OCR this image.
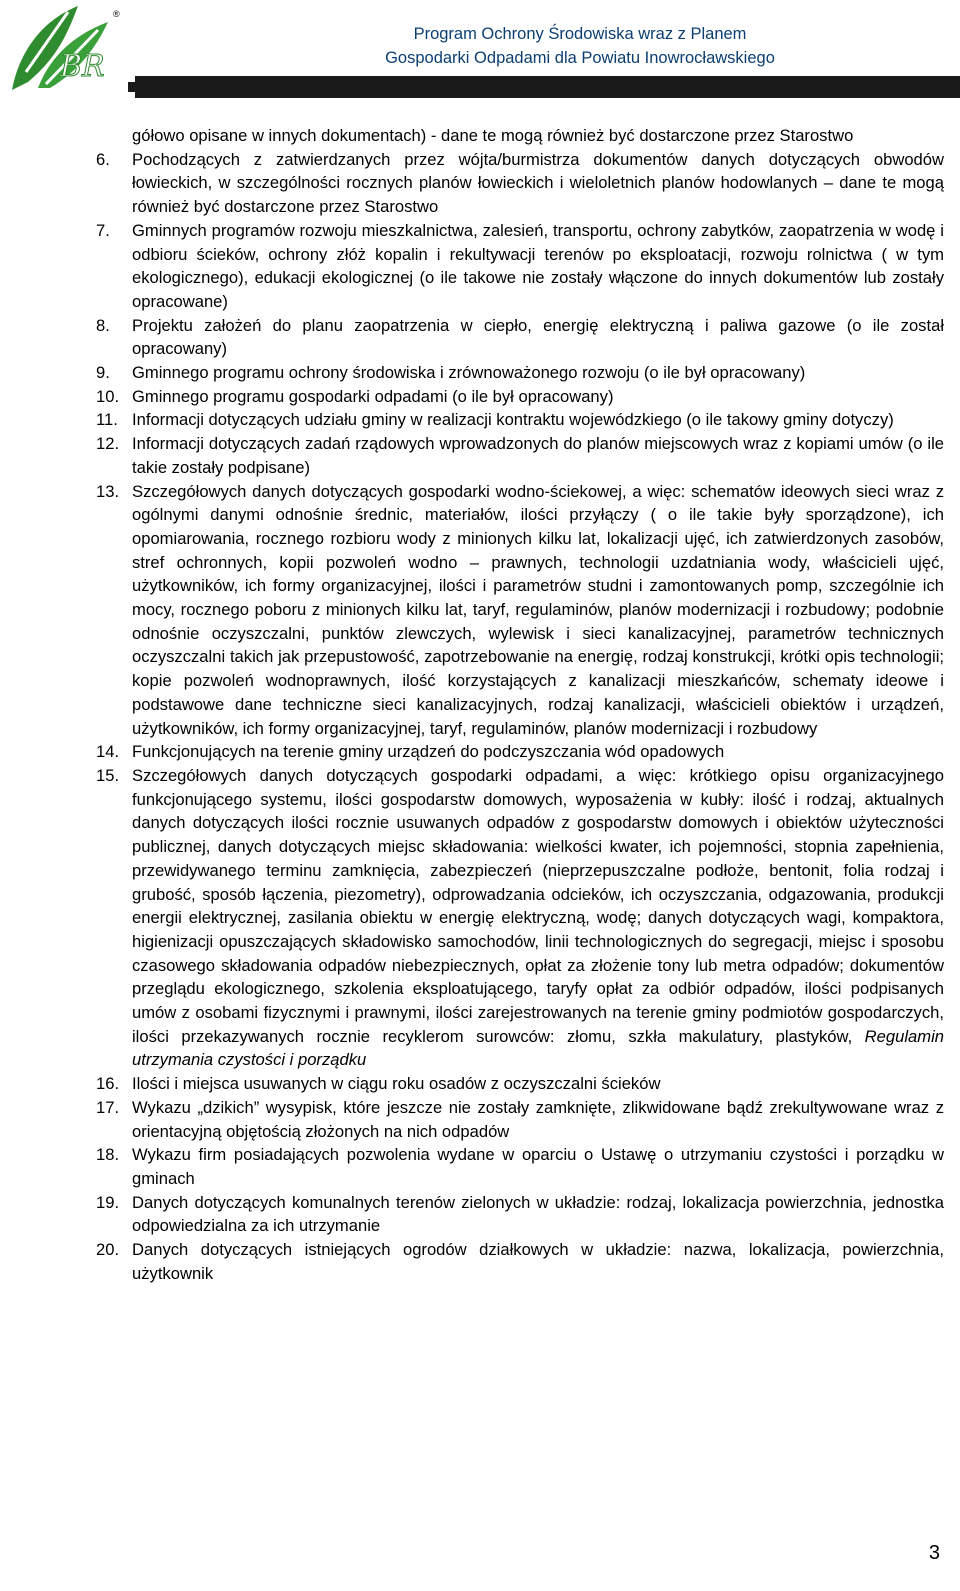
BR
®
Program Ochrony Środowiska wraz z Planem
Gospodarki Odpadami dla Powiatu Inowrocławskiego

gółowo opisane w innych dokumentach) - dane te mogą również być dostarczone przez Starostwo

6.	Pochodzących z zatwierdzanych przez wójta/burmistrza dokumentów danych dotyczących obwodów łowieckich, w szczególności rocznych planów łowieckich i wieloletnich planów hodowlanych – dane te mogą również być dostarczone przez Starostwo
7.	Gminnych programów rozwoju mieszkalnictwa, zalesień, transportu, ochrony zabytków, zaopatrzenia w wodę i odbioru ścieków, ochrony złóż kopalin i rekultywacji terenów po eksploatacji, rozwoju rolnictwa ( w tym ekologicznego), edukacji ekologicznej (o ile takowe nie zostały włączone do innych dokumentów lub zostały opracowane)
8.	Projektu założeń do planu zaopatrzenia w ciepło, energię elektryczną i paliwa gazowe (o ile został opracowany)
9.	Gminnego programu ochrony środowiska i zrównoważonego rozwoju (o ile był opracowany)
10. Gminnego programu gospodarki odpadami (o ile był opracowany)
11. Informacji dotyczących udziału gminy w realizacji kontraktu wojewódzkiego (o ile takowy gminy dotyczy)
12. Informacji dotyczących zadań rządowych wprowadzonych do planów miejscowych wraz z kopiami umów (o ile takie zostały podpisane)
13. Szczegółowych danych dotyczących gospodarki wodno-ściekowej, a więc: schematów ideowych sieci wraz z ogólnymi danymi odnośnie średnic, materiałów, ilości przyłączy ( o ile takie były sporządzone), ich opomiarowania, rocznego rozbioru wody z minionych kilku lat, lokalizacji ujęć, ich zatwierdzonych zasobów, stref ochronnych, kopii pozwoleń wodno – prawnych, technologii uzdatniania wody, właścicieli ujęć, użytkowników, ich formy organizacyjnej, ilości i parametrów studni i zamontowanych pomp, szczególnie ich mocy, rocznego poboru z minionych kilku lat, taryf, regulaminów, planów modernizacji i rozbudowy; podobnie odnośnie oczyszczalni, punktów zlewczych, wylewisk i sieci kanalizacyjnej, parametrów technicznych oczyszczalni takich jak przepustowość, zapotrzebowanie na energię, rodzaj konstrukcji, krótki opis technologii; kopie pozwoleń wodnoprawnych, ilość korzystających z kanalizacji mieszkańców, schematy ideowe i podstawowe dane techniczne sieci kanalizacyjnych, rodzaj kanalizacji, właścicieli obiektów i urządzeń, użytkowników, ich formy organizacyjnej, taryf, regulaminów, planów modernizacji i rozbudowy
14. Funkcjonujących na terenie gminy urządzeń do podczyszczania wód opadowych
15. Szczegółowych danych dotyczących gospodarki odpadami, a więc: krótkiego opisu organizacyjnego funkcjonującego systemu, ilości gospodarstw domowych, wyposażenia w kubły: ilość i rodzaj, aktualnych danych dotyczących ilości rocznie usuwanych odpadów z gospodarstw domowych i obiektów użyteczności publicznej, danych dotyczących miejsc składowania: wielkości kwater, ich pojemności, stopnia zapełnienia, przewidywanego terminu zamknięcia, zabezpieczeń (nieprzepuszczalne podłoże, bentonit, folia rodzaj i grubość, sposób łączenia, piezometry), odprowadzania odcieków, ich oczyszczania, odgazowania, produkcji energii elektrycznej, zasilania obiektu w energię elektryczną, wodę; danych dotyczących wagi, kompaktora, higienizacji opuszczających składowisko samochodów, linii technologicznych do segregacji, miejsc i sposobu czasowego składowania odpadów niebezpiecznych, opłat za złożenie tony lub metra odpadów; dokumentów przeglądu ekologicznego, szkolenia eksploatującego, taryfy opłat za odbiór odpadów, ilości podpisanych umów z osobami fizycznymi i prawnymi, ilości zarejestrowanych na terenie gminy podmiotów gospodarczych, ilości przekazywanych rocznie recyklerom surowców: złomu, szkła makulatury, plastyków, Regulamin utrzymania czystości i porządku
16. Ilości i miejsca usuwanych w ciągu roku osadów z oczyszczalni ścieków
17. Wykazu „dzikich” wysypisk, które jeszcze nie zostały zamknięte, zlikwidowane bądź zrekultywowane wraz z orientacyjną objętością złożonych na nich odpadów
18. Wykazu firm posiadających pozwolenia wydane w oparciu o Ustawę o utrzymaniu czystości i porządku w gminach
19. Danych dotyczących komunalnych terenów zielonych w układzie: rodzaj, lokalizacja powierzchnia, jednostka odpowiedzialna za ich utrzymanie
20. Danych dotyczących istniejących ogrodów działkowych w układzie: nazwa, lokalizacja, powierzchnia, użytkownik
3
